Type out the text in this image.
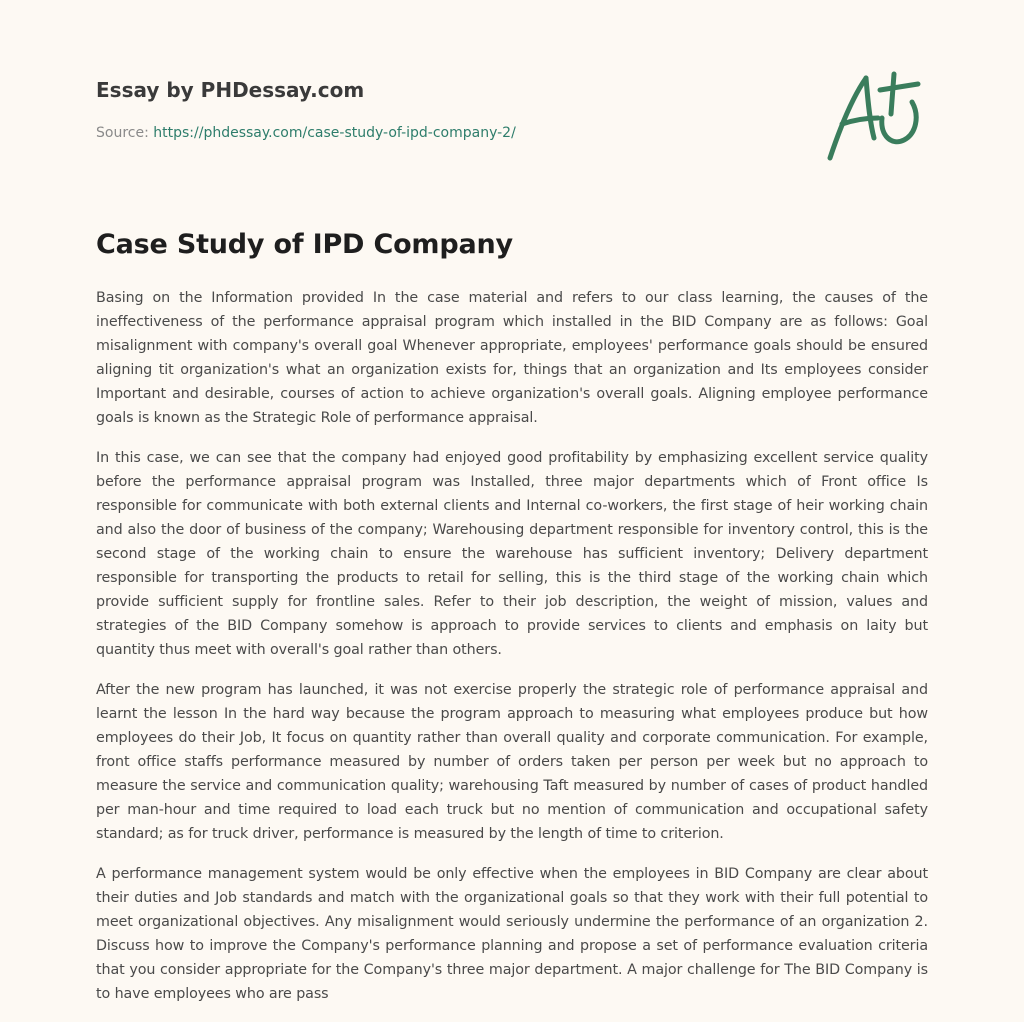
Essay by PHDessay.com
Source: https://phdessay.com/case-study-of-ipd-company-2/
Case Study of IPD Company

Basing on the Information provided In the case material and refers to our class learning, the causes of the ineffectiveness of the performance appraisal program which installed in the BID Company are as follows: Goal misalignment with company's overall goal Whenever appropriate, employees' performance goals should be ensured aligning tit organization's what an organization exists for, things that an organization and Its employees consider Important and desirable, courses of action to achieve organization's overall goals. Aligning employee performance goals is known as the Strategic Role of performance appraisal.

In this case, we can see that the company had enjoyed good profitability by emphasizing excellent service quality before the performance appraisal program was Installed, three major departments which of Front office Is responsible for communicate with both external clients and Internal co-workers, the first stage of heir working chain and also the door of business of the company; Warehousing department responsible for inventory control, this is the second stage of the working chain to ensure the warehouse has sufficient inventory; Delivery department responsible for transporting the products to retail for selling, this is the third stage of the working chain which provide sufficient supply for frontline sales. Refer to their job description, the weight of mission, values and strategies of the BID Company somehow is approach to provide services to clients and emphasis on laity but quantity thus meet with overall's goal rather than others.

After the new program has launched, it was not exercise properly the strategic role of performance appraisal and learnt the lesson In the hard way because the program approach to measuring what employees produce but how employees do their Job, It focus on quantity rather than overall quality and corporate communication. For example, front office staffs performance measured by number of orders taken per person per week but no approach to measure the service and communication quality; warehousing Taft measured by number of cases of product handled per man-hour and time required to load each truck but no mention of communication and occupational safety standard; as for truck driver, performance is measured by the length of time to criterion.

A performance management system would be only effective when the employees in BID Company are clear about their duties and Job standards and match with the organizational goals so that they work with their full potential to meet organizational objectives. Any misalignment would seriously undermine the performance of an organization 2. Discuss how to improve the Company's performance planning and propose a set of performance evaluation criteria that you consider appropriate for the Company's three major department. A major challenge for The BID Company is to have employees who are pass
